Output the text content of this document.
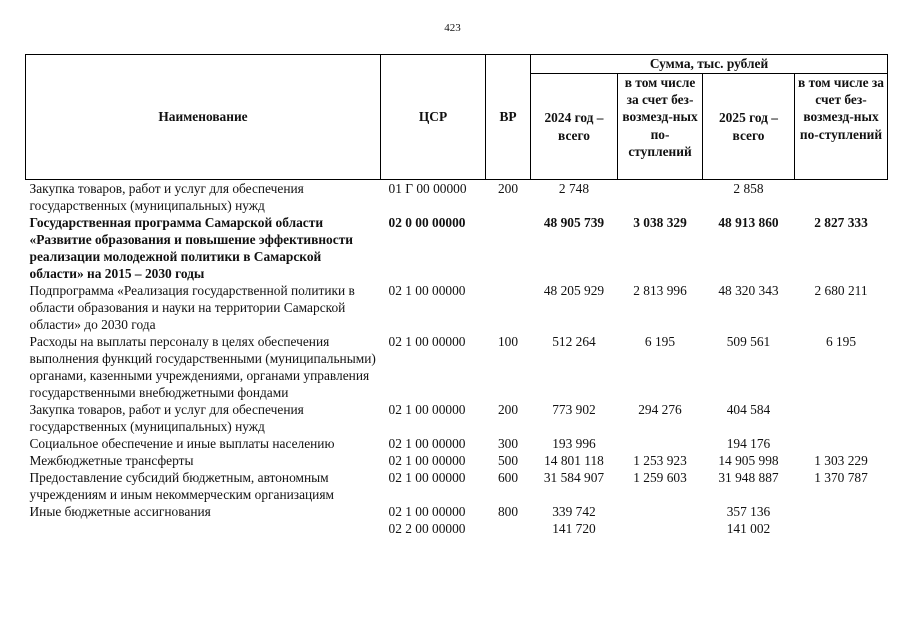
423
Наименование	ЦСР	ВР	Сумма, тыс. рублей			
			2024 год – всего	в том числе за счет без-возмезд-ных по-ступлений	2025 год – всего	в том числе за счет без-возмезд-ных по-ступлений
Закупка товаров, работ и услуг для обеспечения государственных (муниципальных) нужд	01 Г 00 00000	200	2 748		2 858	
Государственная программа Самарской области «Развитие образования и повышение эффективности реализации молодежной политики в Самарской области» на 2015 – 2030 годы	02 0 00 00000		48 905 739	3 038 329	48 913 860	2 827 333
Подпрограмма «Реализация государственной политики в области образования и науки на территории Самарской области» до 2030 года	02 1 00 00000		48 205 929	2 813 996	48 320 343	2 680 211
Расходы на выплаты персоналу в целях обеспечения выполнения функций государственными (муниципальными) органами, казенными учреждениями, органами управления государственными внебюджетными фондами	02 1 00 00000	100	512 264	6 195	509 561	6 195
Закупка товаров, работ и услуг для обеспечения государственных (муниципальных) нужд	02 1 00 00000	200	773 902	294 276	404 584	
Социальное обеспечение и иные выплаты населению	02 1 00 00000	300	193 996		194 176	
Межбюджетные трансферты	02 1 00 00000	500	14 801 118	1 253 923	14 905 998	1 303 229
Предоставление субсидий бюджетным, автономным учреждениям и иным некоммерческим организациям	02 1 00 00000	600	31 584 907	1 259 603	31 948 887	1 370 787
Иные бюджетные ассигнования	02 1 00 00000	800	339 742		357 136	
	02 2 00 00000		141 720		141 002	
